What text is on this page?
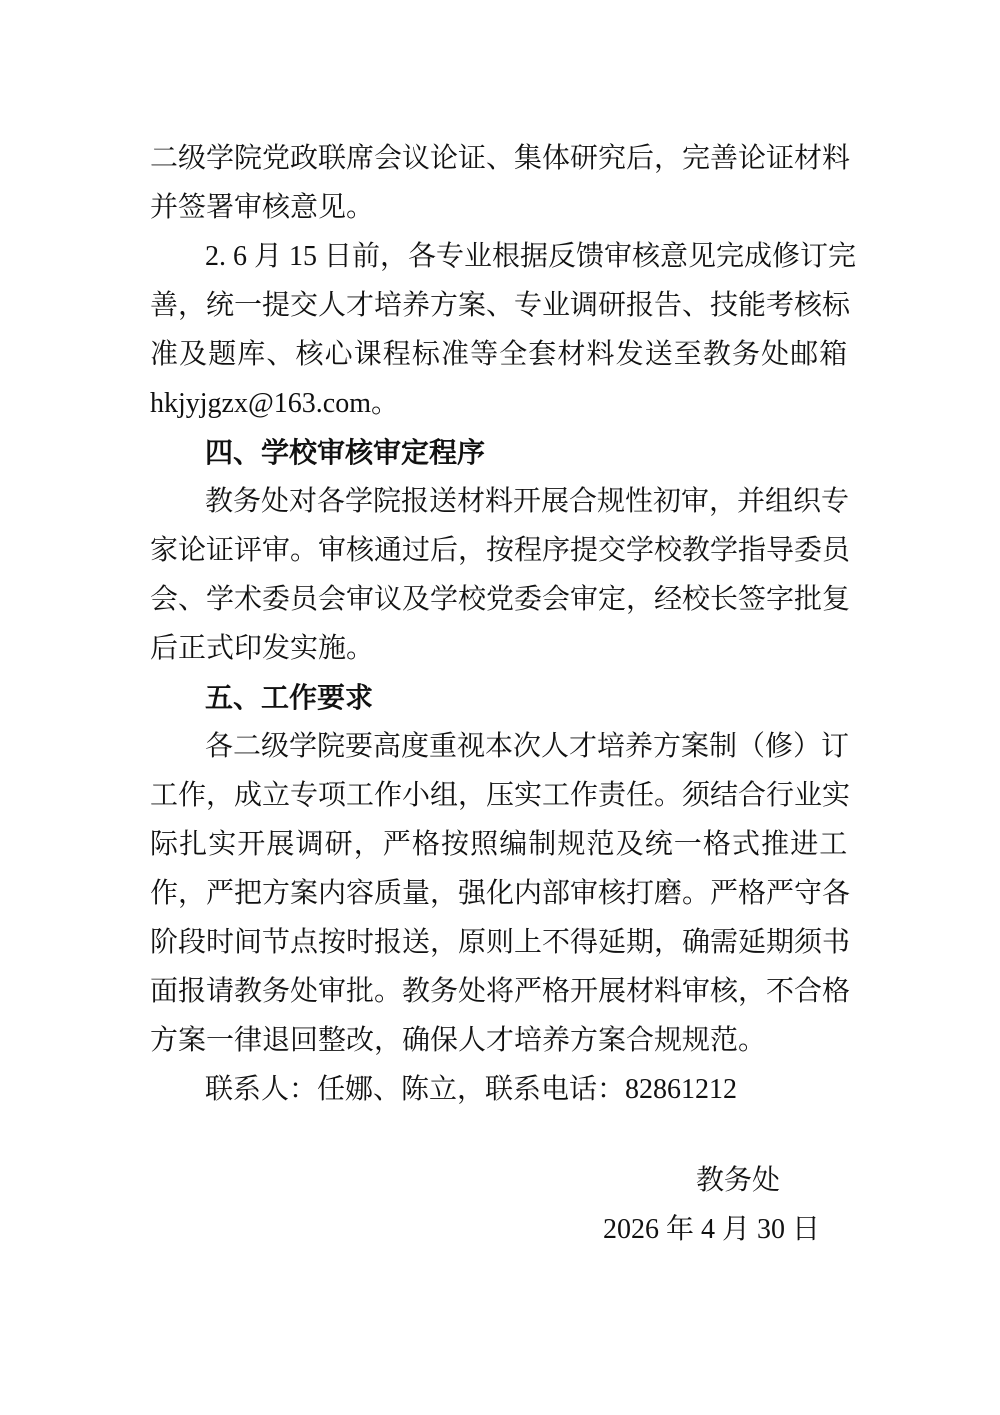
二级学院党政联席会议论证、集体研究后，完善论证材料
并签署审核意见。
2. 6 月 15 日前，各专业根据反馈审核意见完成修订完
善，统一提交人才培养方案、专业调研报告、技能考核标
准及题库、核心课程标准等全套材料发送至教务处邮箱
hkjyjgzx@163.com。
四、学校审核审定程序
教务处对各学院报送材料开展合规性初审，并组织专
家论证评审。审核通过后，按程序提交学校教学指导委员
会、学术委员会审议及学校党委会审定，经校长签字批复
后正式印发实施。
五、工作要求
各二级学院要高度重视本次人才培养方案制（修）订
工作，成立专项工作小组，压实工作责任。须结合行业实
际扎实开展调研，严格按照编制规范及统一格式推进工
作，严把方案内容质量，强化内部审核打磨。严格严守各
阶段时间节点按时报送，原则上不得延期，确需延期须书
面报请教务处审批。教务处将严格开展材料审核，不合格
方案一律退回整改，确保人才培养方案合规规范。
联系人：任娜、陈立，联系电话：82861212
教务处
2026 年 4 月 30 日
